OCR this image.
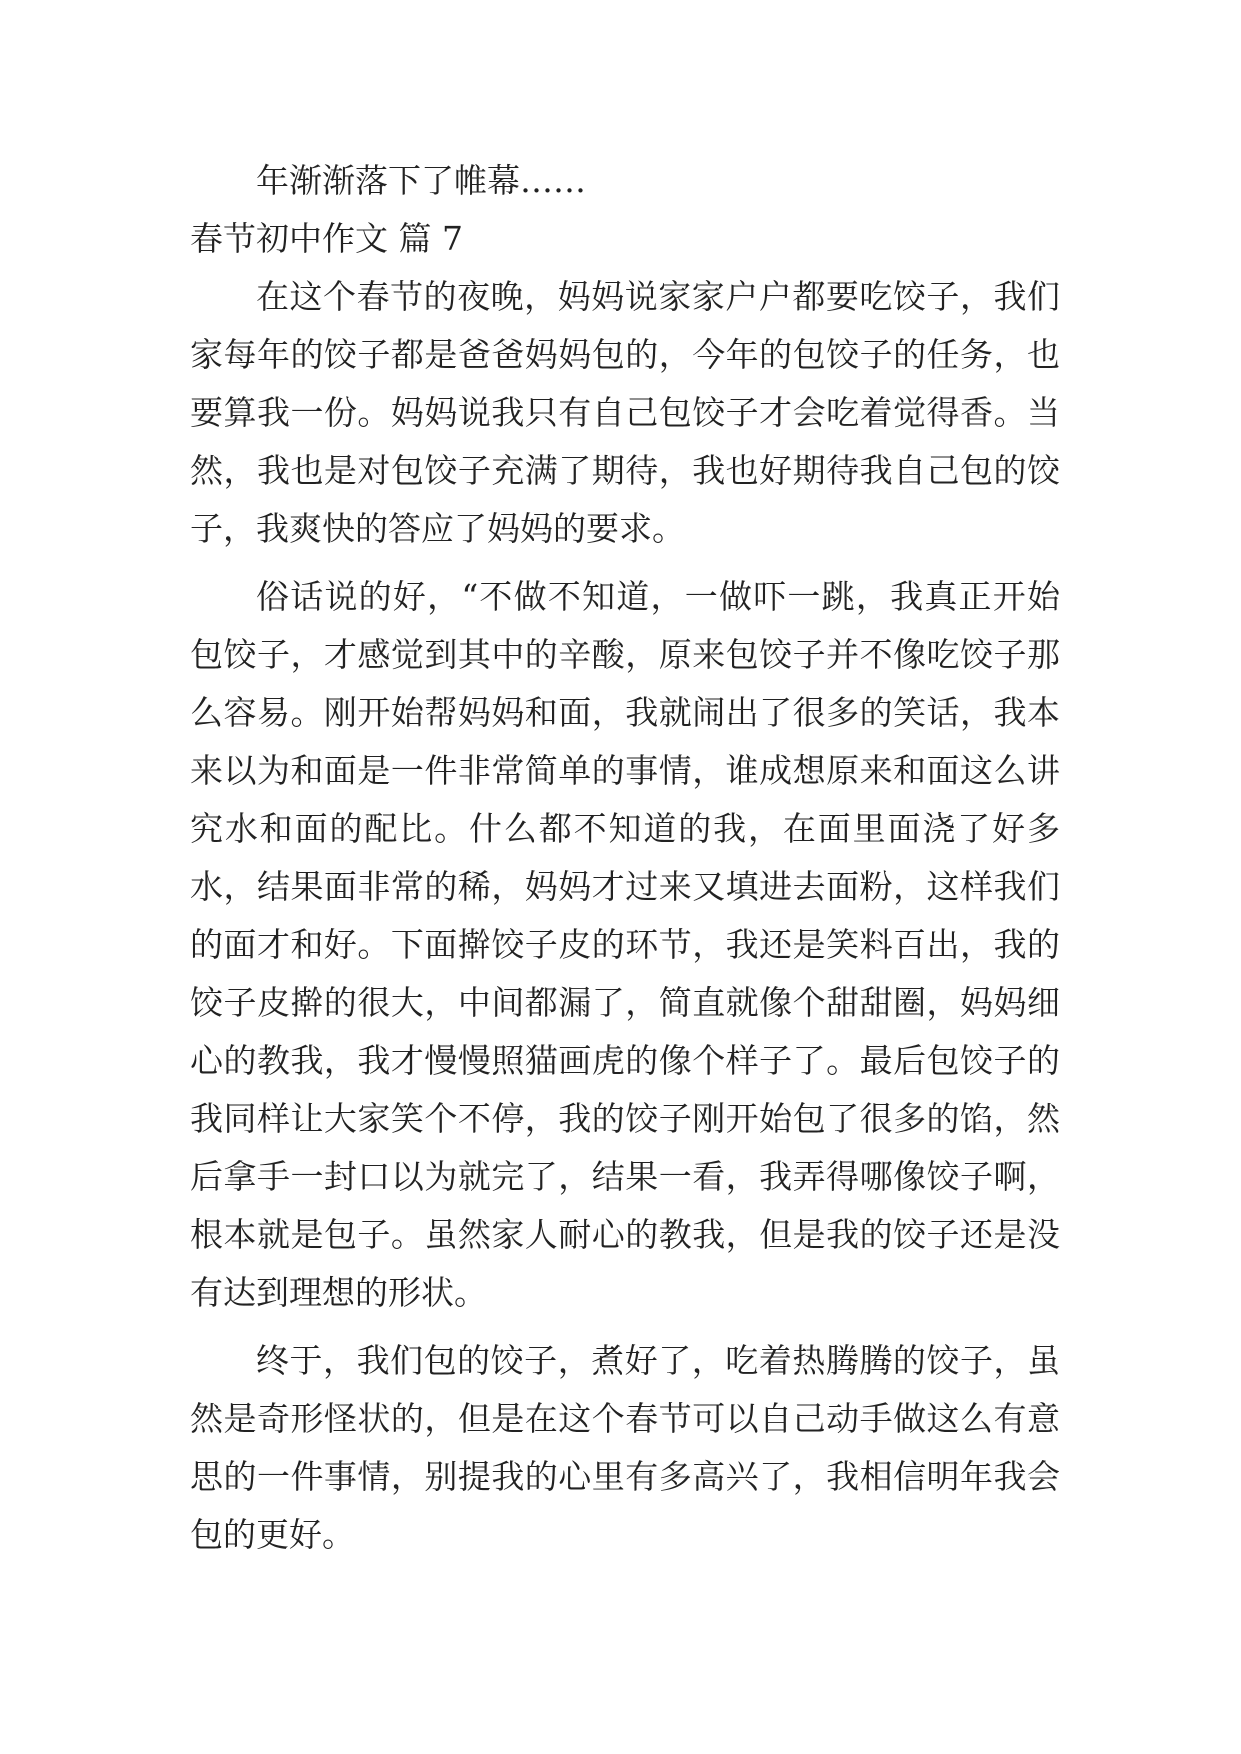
年渐渐落下了帷幕……

春节初中作文 篇 7

在这个春节的夜晚，妈妈说家家户户都要吃饺子，我们家每年的饺子都是爸爸妈妈包的，今年的包饺子的任务，也要算我一份。妈妈说我只有自己包饺子才会吃着觉得香。当然，我也是对包饺子充满了期待，我也好期待我自己包的饺子，我爽快的答应了妈妈的要求。

俗话说的好，“不做不知道，一做吓一跳，我真正开始包饺子，才感觉到其中的辛酸，原来包饺子并不像吃饺子那么容易。刚开始帮妈妈和面，我就闹出了很多的笑话，我本来以为和面是一件非常简单的事情，谁成想原来和面这么讲究水和面的配比。什么都不知道的我，在面里面浇了好多水，结果面非常的稀，妈妈才过来又填进去面粉，这样我们的面才和好。下面擀饺子皮的环节，我还是笑料百出，我的饺子皮擀的很大，中间都漏了，简直就像个甜甜圈，妈妈细心的教我，我才慢慢照猫画虎的像个样子了。最后包饺子的我同样让大家笑个不停，我的饺子刚开始包了很多的馅，然后拿手一封口以为就完了，结果一看，我弄得哪像饺子啊，根本就是包子。虽然家人耐心的教我，但是我的饺子还是没有达到理想的形状。

终于，我们包的饺子，煮好了，吃着热腾腾的饺子，虽然是奇形怪状的，但是在这个春节可以自己动手做这么有意思的一件事情，别提我的心里有多高兴了，我相信明年我会包的更好。
